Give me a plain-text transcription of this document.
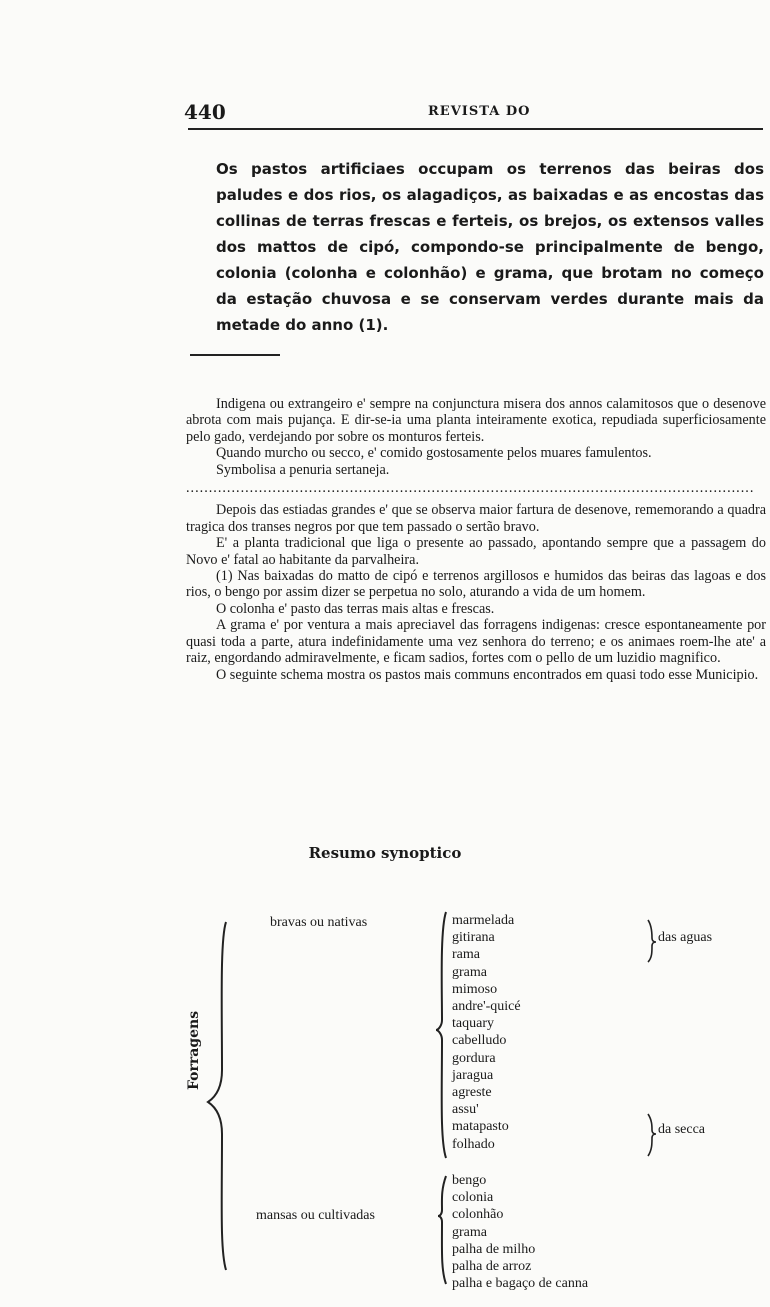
440	REVISTA DO

Os pastos artificiaes occupam os terrenos das beiras dos paludes e dos rios, os alagadiços, as baixadas e as encostas das collinas de terras frescas e ferteis, os brejos, os extensos valles dos mattos de cipó, compondo-se principalmente de bengo, colonia (colonha e colonhão) e grama, que brotam no começo da estação chuvosa e se conservam verdes durante mais da metade do anno (1).

Indigena ou extrangeiro e' sempre na conjunctura misera dos annos calamitosos que o desenove abrota com mais pujança. E dir-se-ia uma planta inteiramente exotica, repudiada superficiosamente pelo gado, verdejando por sobre os monturos ferteis.

Quando murcho ou secco, e' comido gostosamente pelos muares famulentos.

Symbolisa a penuria sertaneja.

.............................................................................................................................

Depois das estiadas grandes e' que se observa maior fartura de desenove, rememorando a quadra tragica dos transes negros por que tem passado o sertão bravo.

E' a planta tradicional que liga o presente ao passado, apontando sempre que a passagem do Novo e' fatal ao habitante da parvalheira.

(1) Nas baixadas do matto de cipó e terrenos argillosos e humidos das beiras das lagoas e dos rios, o bengo por assim dizer se perpetua no solo, aturando a vida de um homem.

O colonha e' pasto das terras mais altas e frescas.

A grama e' por ventura a mais apreciavel das forragens indigenas: cresce espontaneamente por quasi toda a parte, atura indefinidamente uma vez senhora do terreno; e os animaes roem-lhe ate' a raiz, engordando admiravelmente, e ficam sadios, fortes com o pello de um luzidio magnifico.

O seguinte schema mostra os pastos mais communs encontrados em quasi todo esse Municipio.

Resumo synoptico
Forragens
bravas ou nativas	marmelada
gitirana
rama
grama
mimoso
andre'-quicé
taquary
cabelludo
gordura
jaragua
agreste
assu'
matapasto
folhado
das aguas
da secca
mansas ou cultivadas
bengo
colonia
colonhão
grama
palha de milho
palha de arroz
palha e bagaço de canna
